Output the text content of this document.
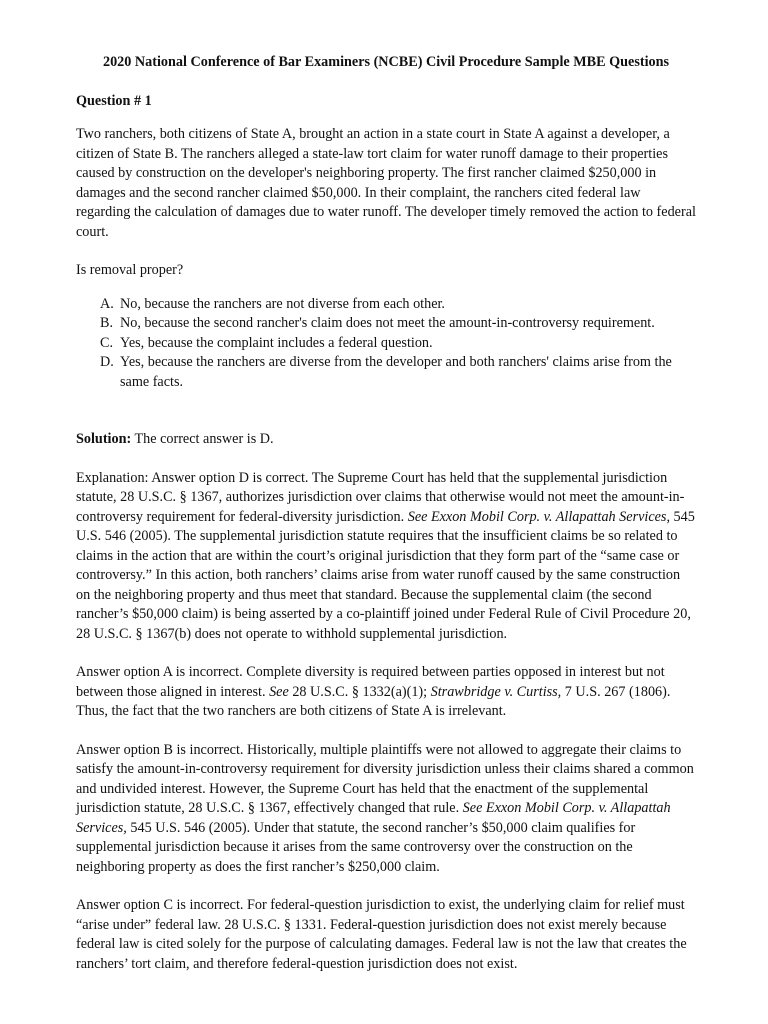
2020 National Conference of Bar Examiners (NCBE) Civil Procedure Sample MBE Questions
Question # 1

Two ranchers, both citizens of State A, brought an action in a state court in State A against a developer, a citizen of State B. The ranchers alleged a state-law tort claim for water runoff damage to their properties caused by construction on the developer's neighboring property. The first rancher claimed $250,000 in damages and the second rancher claimed $50,000. In their complaint, the ranchers cited federal law regarding the calculation of damages due to water runoff. The developer timely removed the action to federal court.

Is removal proper?

A. No, because the ranchers are not diverse from each other.
B. No, because the second rancher's claim does not meet the amount-in-controversy requirement.
C. Yes, because the complaint includes a federal question.
D. Yes, because the ranchers are diverse from the developer and both ranchers' claims arise from the same facts.

Solution: The correct answer is D.

Explanation: Answer option D is correct. The Supreme Court has held that the supplemental jurisdiction statute, 28 U.S.C. § 1367, authorizes jurisdiction over claims that otherwise would not meet the amount-in-controversy requirement for federal-diversity jurisdiction. See Exxon Mobil Corp. v. Allapattah Services, 545 U.S. 546 (2005). The supplemental jurisdiction statute requires that the insufficient claims be so related to claims in the action that are within the court’s original jurisdiction that they form part of the “same case or controversy.” In this action, both ranchers’ claims arise from water runoff caused by the same construction on the neighboring property and thus meet that standard. Because the supplemental claim (the second rancher’s $50,000 claim) is being asserted by a co-plaintiff joined under Federal Rule of Civil Procedure 20, 28 U.S.C. § 1367(b) does not operate to withhold supplemental jurisdiction.

Answer option A is incorrect. Complete diversity is required between parties opposed in interest but not between those aligned in interest. See 28 U.S.C. § 1332(a)(1); Strawbridge v. Curtiss, 7 U.S. 267 (1806). Thus, the fact that the two ranchers are both citizens of State A is irrelevant.

Answer option B is incorrect. Historically, multiple plaintiffs were not allowed to aggregate their claims to satisfy the amount-in-controversy requirement for diversity jurisdiction unless their claims shared a common and undivided interest. However, the Supreme Court has held that the enactment of the supplemental jurisdiction statute, 28 U.S.C. § 1367, effectively changed that rule. See Exxon Mobil Corp. v. Allapattah Services, 545 U.S. 546 (2005). Under that statute, the second rancher’s $50,000 claim qualifies for supplemental jurisdiction because it arises from the same controversy over the construction on the neighboring property as does the first rancher’s $250,000 claim.

Answer option C is incorrect. For federal-question jurisdiction to exist, the underlying claim for relief must “arise under” federal law. 28 U.S.C. § 1331. Federal-question jurisdiction does not exist merely because federal law is cited solely for the purpose of calculating damages. Federal law is not the law that creates the ranchers’ tort claim, and therefore federal-question jurisdiction does not exist.
